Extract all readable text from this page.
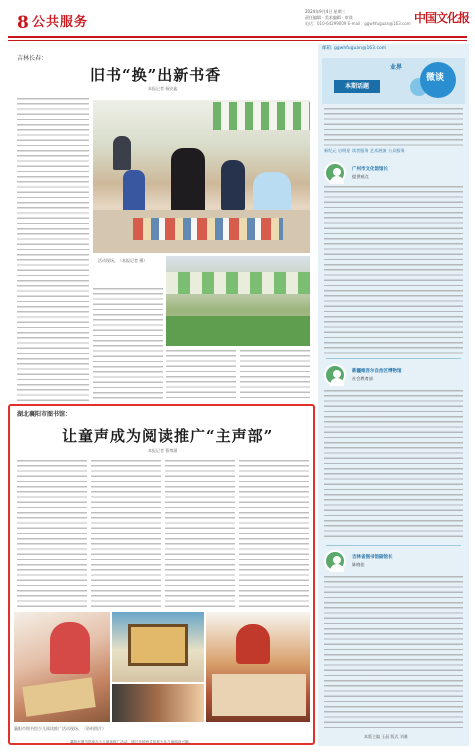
8 公共服务
2024年9月4日 星期三
责任编辑 · 美术编辑 · 审读
电话：010-64299009 E-mail：ggwhfuguan@163.com 中国文化报
吉林长春：
旧书“换”出新书香
本报记者 杨安鑫
活动现场。（本报记者 摄）
湖北襄阳市图书馆：
让童声成为阅读推广“主声部”
本报记者 曹博涵
襄阳市图书馆少儿阅读推广活动现场。（资料图片）
襄阳市图书馆举办少儿阅读推广活动，通过多种形式培养少年儿童阅读兴趣。
邮箱: ggwhfuguan@163.com
业界
微谈
本期话题
新纪元 启明星 读者服务 艺术展演 公众服务
广州市文化馆馆长
提供观点
新疆维吾尔自治区博物馆
社会教育部
吉林省图书馆副馆长
陈晓佳
本版主编 王晶 版式 刘雅
